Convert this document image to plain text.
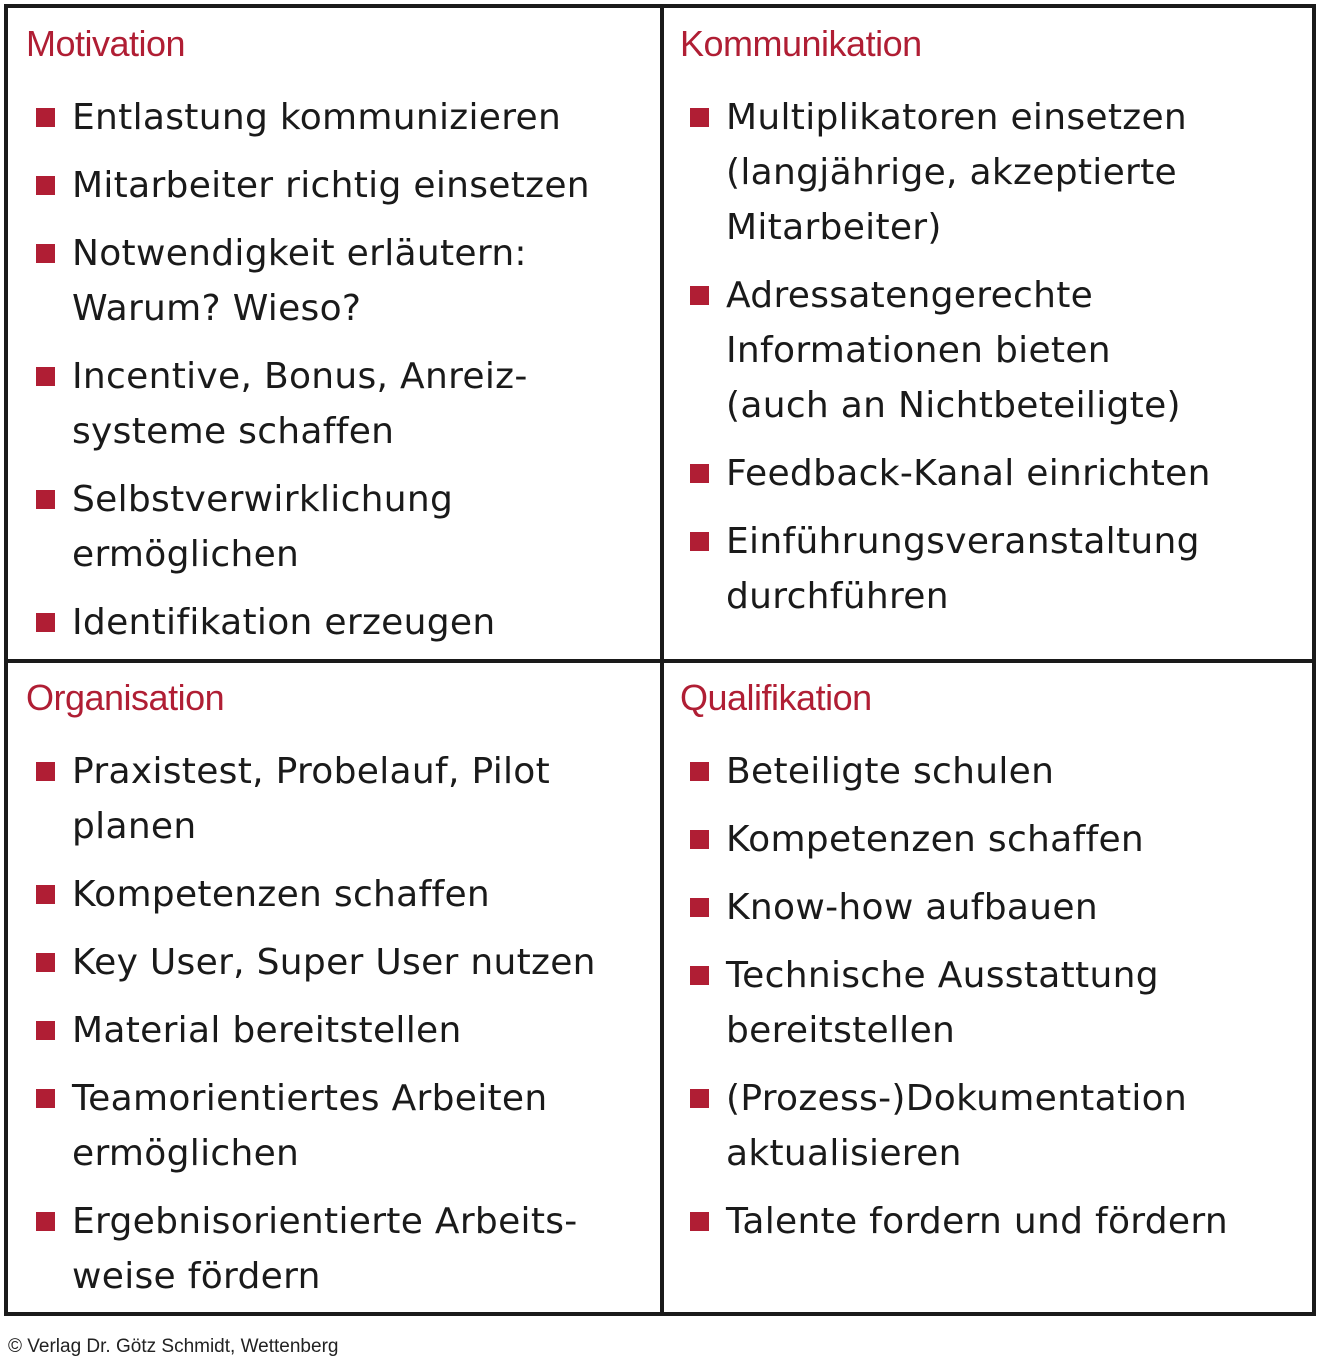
Motivation
Entlastung kommunizieren
Mitarbeiter richtig einsetzen
Notwendigkeit erläutern:
Warum? Wieso?
Incentive, Bonus, Anreiz-
systeme schaffen
Selbstverwirklichung
ermöglichen
Identifikation erzeugen
Kommunikation
Multiplikatoren einsetzen
(langjährige, akzeptierte
Mitarbeiter)
Adressatengerechte
Informationen bieten
(auch an Nichtbeteiligte)
Feedback-Kanal einrichten
Einführungsveranstaltung
durchführen
Organisation
Praxistest, Probelauf, Pilot
planen
Kompetenzen schaffen
Key User, Super User nutzen
Material bereitstellen
Teamorientiertes Arbeiten
ermöglichen
Ergebnisorientierte Arbeits-
weise fördern
Qualifikation
Beteiligte schulen
Kompetenzen schaffen
Know-how aufbauen
Technische Ausstattung
bereitstellen
(Prozess-)Dokumentation
aktualisieren
Talente fordern und fördern
© Verlag Dr. Götz Schmidt, Wettenberg
